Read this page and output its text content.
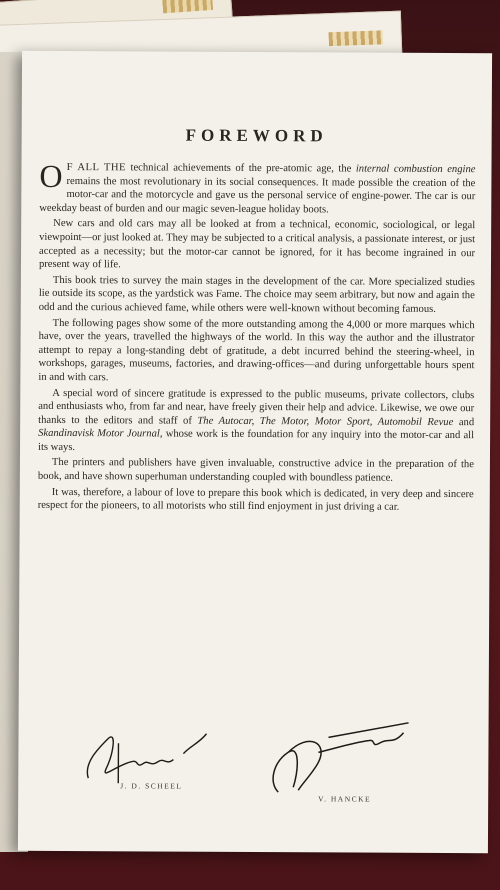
FOREWORD

O F ALL THE technical achievements of the pre-atomic age, the internal combustion engine remains the most revolutionary in its social consequences. It made possible the creation of the motor-car and the motorcycle and gave us the personal service of engine-power. The car is our weekday beast of burden and our magic seven-league holiday boots.

New cars and old cars may all be looked at from a technical, economic, sociological, or legal viewpoint—or just looked at. They may be subjected to a critical analysis, a passionate interest, or just accepted as a necessity; but the motor-car cannot be ignored, for it has become ingrained in our present way of life.

This book tries to survey the main stages in the development of the car. More specialized studies lie outside its scope, as the yardstick was Fame. The choice may seem arbitrary, but now and again the odd and the curious achieved fame, while others were well-known without becoming famous.

The following pages show some of the more outstanding among the 4,000 or more marques which have, over the years, travelled the highways of the world. In this way the author and the illustrator attempt to repay a long-standing debt of gratitude, a debt incurred behind the steering-wheel, in workshops, garages, museums, factories, and drawing-offices—and during unforgettable hours spent in and with cars.

A special word of sincere gratitude is expressed to the public museums, private collectors, clubs and enthusiasts who, from far and near, have freely given their help and advice. Likewise, we owe our thanks to the editors and staff of The Autocar, The Motor, Motor Sport, Automobil Revue and Skandinavisk Motor Journal, whose work is the foundation for any inquiry into the motor-car and all its ways.

The printers and publishers have given invaluable, constructive advice in the preparation of the book, and have shown superhuman understanding coupled with boundless patience.

It was, therefore, a labour of love to prepare this book which is dedicated, in very deep and sincere respect for the pioneers, to all motorists who still find enjoyment in just driving a car.

J. D. SCHEEL
V. HANCKE
